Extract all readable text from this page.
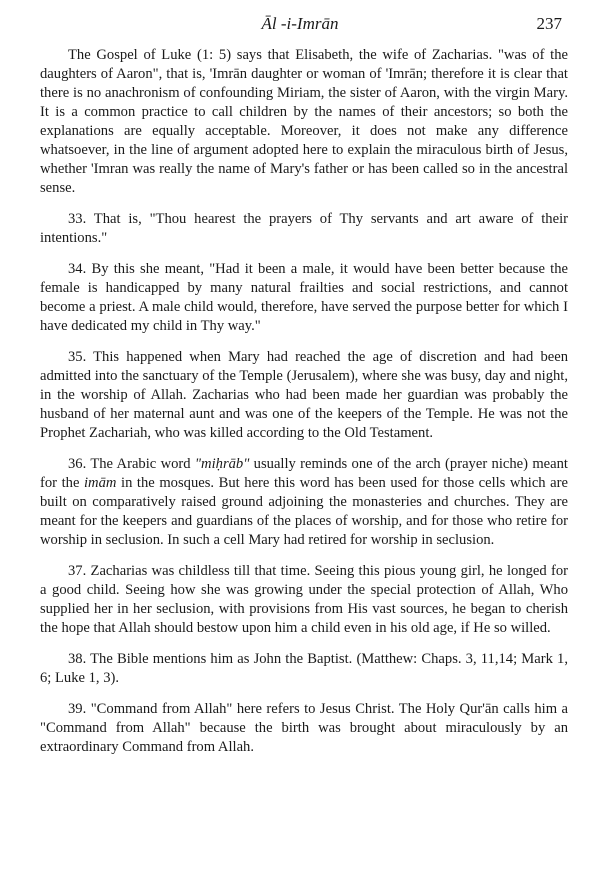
Āl -i-Imrān	237

The Gospel of Luke (1: 5) says that Elisabeth, the wife of Zacharias. "was of the daughters of Aaron", that is, 'Imrān daughter or woman of 'Imrān; therefore it is clear that there is no anachronism of confounding Miriam, the sister of Aaron, with the virgin Mary. It is a common practice to call children by the names of their ancestors; so both the explanations are equally acceptable. Moreover, it does not make any difference whatsoever, in the line of argument adopted here to explain the miraculous birth of Jesus, whether 'Imran was really the name of Mary's father or has been called so in the ancestral sense.

33. That is, "Thou hearest the prayers of Thy servants and art aware of their intentions."

34. By this she meant, "Had it been a male, it would have been better because the female is handicapped by many natural frailties and social restrictions, and cannot become a priest. A male child would, therefore, have served the purpose better for which I have dedicated my child in Thy way."

35. This happened when Mary had reached the age of discretion and had been admitted into the sanctuary of the Temple (Jerusalem), where she was busy, day and night, in the worship of Allah. Zacharias who had been made her guardian was probably the husband of her maternal aunt and was one of the keepers of the Temple. He was not the Prophet Zachariah, who was killed according to the Old Testament.

36. The Arabic word "miḥrāb" usually reminds one of the arch (prayer niche) meant for the imām in the mosques. But here this word has been used for those cells which are built on comparatively raised ground adjoining the monasteries and churches. They are meant for the keepers and guardians of the places of worship, and for those who retire for worship in seclusion. In such a cell Mary had retired for worship in seclusion.

37. Zacharias was childless till that time. Seeing this pious young girl, he longed for a good child. Seeing how she was growing under the special protection of Allah, Who supplied her in her seclusion, with provisions from His vast sources, he began to cherish the hope that Allah should bestow upon him a child even in his old age, if He so willed.

38. The Bible mentions him as John the Baptist. (Matthew: Chaps. 3, 11,14; Mark 1, 6; Luke 1, 3).

39. "Command from Allah" here refers to Jesus Christ. The Holy Qur'ān calls him a "Command from Allah" because the birth was brought about miraculously by an extraordinary Command from Allah.
